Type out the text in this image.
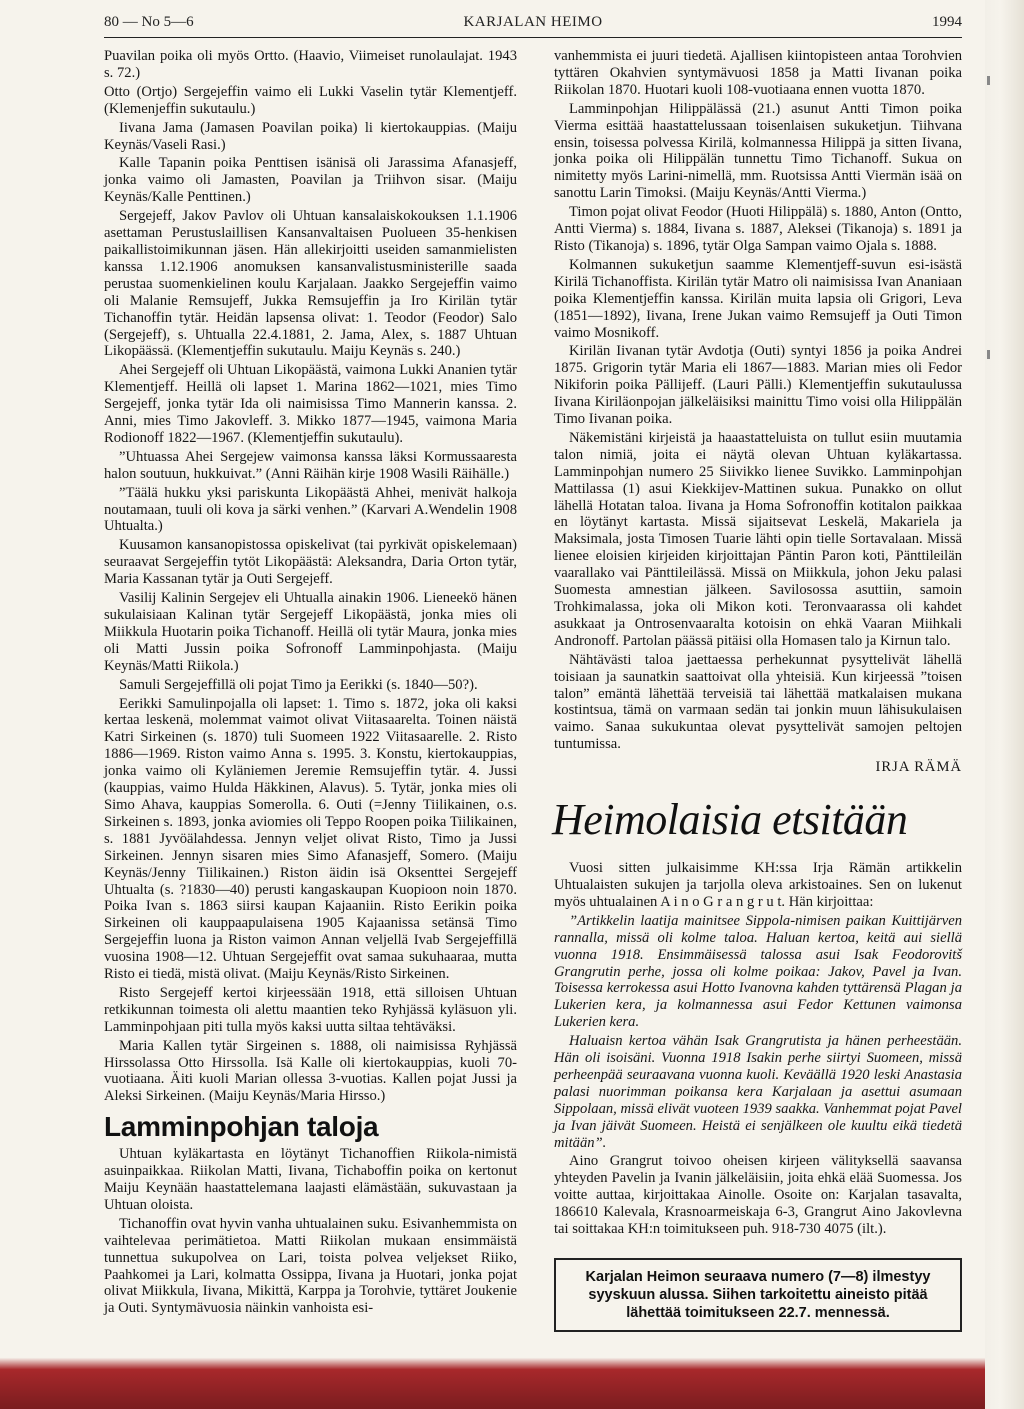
80 — No 5—6	KARJALAN HEIMO	1994

Puavilan poika oli myös Ortto. (Haavio, Viimeiset runolaulajat. 1943 s. 72.)

Otto (Ortjo) Sergejeffin vaimo eli Lukki Vaselin tytär Klementjeff. (Klemenjeffin sukutaulu.)

Iivana Jama (Jamasen Poavilan poika) li kiertokauppias. (Maiju Keynäs/Vaseli Rasi.)

Kalle Tapanin poika Penttisen isänisä oli Jarassima Afanasjeff, jonka vaimo oli Jamasten, Poavilan ja Triihvon sisar. (Maiju Keynäs/Kalle Penttinen.)

Sergejeff, Jakov Pavlov oli Uhtuan kansalaiskokouksen 1.1.1906 asettaman Perustuslaillisen Kansanvaltaisen Puolueen 35-henkisen paikallistoimikunnan jäsen. Hän allekirjoitti useiden samanmielisten kanssa 1.12.1906 anomuksen kansanvalistusministerille saada perustaa suomenkielinen koulu Karjalaan. Jaakko Sergejeffin vaimo oli Malanie Remsujeff, Jukka Remsujeffin ja Iro Kirilän tytär Tichanoffin tytär. Heidän lapsensa olivat: 1. Teodor (Feodor) Salo (Sergejeff), s. Uhtualla 22.4.1881, 2. Jama, Alex, s. 1887 Uhtuan Likopäässä. (Klementjeffin sukutaulu. Maiju Keynäs s. 240.)

Ahei Sergejeff oli Uhtuan Likopäästä, vaimona Lukki Ananien tytär Klementjeff. Heillä oli lapset 1. Marina 1862—1021, mies Timo Sergejeff, jonka tytär Ida oli naimisissa Timo Mannerin kanssa. 2. Anni, mies Timo Jakovleff. 3. Mikko 1877—1945, vaimona Maria Rodionoff 1822—1967. (Klementjeffin sukutaulu).

”Uhtuassa Ahei Sergejew vaimonsa kanssa läksi Kormussaaresta halon soutuun, hukkuivat.” (Anni Räihän kirje 1908 Wasili Räihälle.)

”Täälä hukku yksi pariskunta Likopäästä Ahhei, menivät halkoja noutamaan, tuuli oli kova ja särki venhen.” (Karvari A.Wendelin 1908 Uhtualta.)

Kuusamon kansanopistossa opiskelivat (tai pyrkivät opiskelemaan) seuraavat Sergejeffin tytöt Likopäästä: Aleksandra, Daria Orton tytär, Maria Kassanan tytär ja Outi Sergejeff.

Vasilij Kalinin Sergejev eli Uhtualla ainakin 1906. Lieneekö hänen sukulaisiaan Kalinan tytär Sergejeff Likopäästä, jonka mies oli Miikkula Huotarin poika Tichanoff. Heillä oli tytär Maura, jonka mies oli Matti Jussin poika Sofronoff Lamminpohjasta. (Maiju Keynäs/Matti Riikola.)

Samuli Sergejeffillä oli pojat Timo ja Eerikki (s. 1840—50?).

Eerikki Samulinpojalla oli lapset: 1. Timo s. 1872, joka oli kaksi kertaa leskenä, molemmat vaimot olivat Viitasaarelta. Toinen näistä Katri Sirkeinen (s. 1870) tuli Suomeen 1922 Viitasaarelle. 2. Risto 1886—1969. Riston vaimo Anna s. 1995. 3. Konstu, kiertokauppias, jonka vaimo oli Kyläniemen Jeremie Remsujeffin tytär. 4. Jussi (kauppias, vaimo Hulda Häkkinen, Alavus). 5. Tytär, jonka mies oli Simo Ahava, kauppias Somerolla. 6. Outi (=Jenny Tiilikainen, o.s. Sirkeinen s. 1893, jonka aviomies oli Teppo Roopen poika Tiilikainen, s. 1881 Jyvöälahdessa. Jennyn veljet olivat Risto, Timo ja Jussi Sirkeinen. Jennyn sisaren mies Simo Afanasjeff, Somero. (Maiju Keynäs/Jenny Tiilikainen.) Riston äidin isä Oksenttei Sergejeff Uhtualta (s. ?1830—40) perusti kangaskaupan Kuopioon noin 1870. Poika Ivan s. 1863 siirsi kaupan Kajaaniin. Risto Eerikin poika Sirkeinen oli kauppaapulaisena 1905 Kajaanissa setänsä Timo Sergejeffin luona ja Riston vaimon Annan veljellä Ivab Sergejeffillä vuosina 1908—12. Uhtuan Sergejeffit ovat samaa sukuhaaraa, mutta Risto ei tiedä, mistä olivat. (Maiju Keynäs/Risto Sirkeinen.

Risto Sergejeff kertoi kirjeessään 1918, että silloisen Uhtuan retkikunnan toimesta oli alettu maantien teko Ryhjässä kyläsuon yli. Lamminpohjaan piti tulla myös kaksi uutta siltaa tehtäväksi.

Maria Kallen tytär Sirgeinen s. 1888, oli naimisissa Ryhjässä Hirssolassa Otto Hirssolla. Isä Kalle oli kiertokauppias, kuoli 70-vuotiaana. Äiti kuoli Marian ollessa 3-vuotias. Kallen pojat Jussi ja Aleksi Sirkeinen. (Maiju Keynäs/Maria Hirsso.)

Lamminpohjan taloja

Uhtuan kyläkartasta en löytänyt Tichanoffien Riikola-nimistä asuinpaikkaa. Riikolan Matti, Iivana, Tichaboffin poika on kertonut Maiju Keynään haastattelemana laajasti elämästään, sukuvastaan ja Uhtuan oloista.

Tichanoffin ovat hyvin vanha uhtualainen suku. Esivanhemmista on vaihtelevaa perimätietoa. Matti Riikolan mukaan ensimmäistä tunnettua sukupolvea on Lari, toista polvea veljekset Riiko, Paahkomei ja Lari, kolmatta Ossippa, Iivana ja Huotari, jonka pojat olivat Miikkula, Iivana, Mikittä, Karppa ja Torohvie, tyttäret Joukenie ja Outi. Syntymävuosia näinkin vanhoista esi-

vanhemmista ei juuri tiedetä. Ajallisen kiintopisteen antaa Torohvien tyttären Okahvien syntymävuosi 1858 ja Matti Iivanan poika Riikolan 1870. Huotari kuoli 108-vuotiaana ennen vuotta 1870.

Lamminpohjan Hilippälässä (21.) asunut Antti Timon poika Vierma esittää haastattelussaan toisenlaisen sukuketjun. Tiihvana ensin, toisessa polvessa Kirilä, kolmannessa Hilippä ja sitten Iivana, jonka poika oli Hilippälän tunnettu Timo Tichanoff. Sukua on nimitetty myös Larini-nimellä, mm. Ruotsissa Antti Viermän isää on sanottu Larin Timoksi. (Maiju Keynäs/Antti Vierma.)

Timon pojat olivat Feodor (Huoti Hilippälä) s. 1880, Anton (Ontto, Antti Vierma) s. 1884, Iivana s. 1887, Aleksei (Tikanoja) s. 1891 ja Risto (Tikanoja) s. 1896, tytär Olga Sampan vaimo Ojala s. 1888.

Kolmannen sukuketjun saamme Klementjeff-suvun esi-isästä Kirilä Tichanoffista. Kirilän tytär Matro oli naimisissa Ivan Ananiaan poika Klementjeffin kanssa. Kirilän muita lapsia oli Grigori, Leva (1851—1892), Iivana, Irene Jukan vaimo Remsujeff ja Outi Timon vaimo Mosnikoff.

Kirilän Iivanan tytär Avdotja (Outi) syntyi 1856 ja poika Andrei 1875. Grigorin tytär Maria eli 1867—1883. Marian mies oli Fedor Nikiforin poika Pällijeff. (Lauri Pälli.) Klementjeffin sukutaulussa Iivana Kiriläonpojan jälkeläisiksi mainittu Timo voisi olla Hilippälän Timo Iivanan poika.

Näkemistäni kirjeistä ja haaastatteluista on tullut esiin muutamia talon nimiä, joita ei näytä olevan Uhtuan kyläkartassa. Lamminpohjan numero 25 Siivikko lienee Suvikko. Lamminpohjan Mattilassa (1) asui Kiekkijev-Mattinen sukua. Punakko on ollut lähellä Hotatan taloa. Iivana ja Homa Sofronoffin kotitalon paikkaa en löytänyt kartasta. Missä sijaitsevat Leskelä, Makariela ja Maksimala, josta Timosen Tuarie lähti opin tielle Sortavalaan. Missä lienee eloisien kirjeiden kirjoittajan Päntin Paron koti, Pänttileilän vaarallako vai Pänttileilässä. Missä on Miikkula, johon Jeku palasi Suomesta amnestian jälkeen. Savilosossa asuttiin, samoin Trohkimalassa, joka oli Mikon koti. Teronvaarassa oli kahdet asukkaat ja Ontrosenvaaralta kotoisin on ehkä Vaaran Miihkali Andronoff. Partolan päässä pitäisi olla Homasen talo ja Kirnun talo.

Nähtävästi taloa jaettaessa perhekunnat pysyttelivät lähellä toisiaan ja saunatkin saattoivat olla yhteisiä. Kun kirjeessä ”toisen talon” emäntä lähettää terveisiä tai lähettää matkalaisen mukana kostintsua, tämä on varmaan sedän tai jonkin muun lähisukulaisen vaimo. Sanaa sukukuntaa olevat pysyttelivät samojen peltojen tuntumissa.

IRJA RÄMÄ
Heimolaisia etsitään

Vuosi sitten julkaisimme KH:ssa Irja Rämän artikkelin Uhtualaisten sukujen ja tarjolla oleva arkistoaines. Sen on lukenut myös uhtualainen A i n o G r a n g r u t. Hän kirjoittaa:

”Artikkelin laatija mainitsee Sippola-nimisen paikan Kuittijärven rannalla, missä oli kolme taloa. Haluan kertoa, keitä aui siellä vuonna 1918. Ensimmäisessä talossa asui Isak Feodorovitš Grangrutin perhe, jossa oli kolme poikaa: Jakov, Pavel ja Ivan. Toisessa kerrokessa asui Hotto Ivanovna kahden tyttärensä Plagan ja Lukerien kera, ja kolmannessa asui Fedor Kettunen vaimonsa Lukerien kera.

Haluaisn kertoa vähän Isak Grangrutista ja hänen perheestään. Hän oli isoisäni. Vuonna 1918 Isakin perhe siirtyi Suomeen, missä perheenpää seuraavana vuonna kuoli. Keväällä 1920 leski Anastasia palasi nuorimman poikansa kera Karjalaan ja asettui asumaan Sippolaan, missä elivät vuoteen 1939 saakka. Vanhemmat pojat Pavel ja Ivan jäivät Suomeen. Heistä ei senjälkeen ole kuultu eikä tiedetä mitään”.

Aino Grangrut toivoo oheisen kirjeen välityksellä saavansa yhteyden Pavelin ja Ivanin jälkeläisiin, joita ehkä elää Suomessa. Jos voitte auttaa, kirjoittakaa Ainolle. Osoite on: Karjalan tasavalta, 186610 Kalevala, Krasnoarmeiskaja 6-3, Grangrut Aino Jakovlevna tai soittakaa KH:n toimitukseen puh. 918-730 4075 (ilt.).

Karjalan Heimon seuraava numero (7—8) ilmestyy syyskuun alussa. Siihen tarkoitettu aineisto pitää lähettää toimitukseen 22.7. mennessä.
